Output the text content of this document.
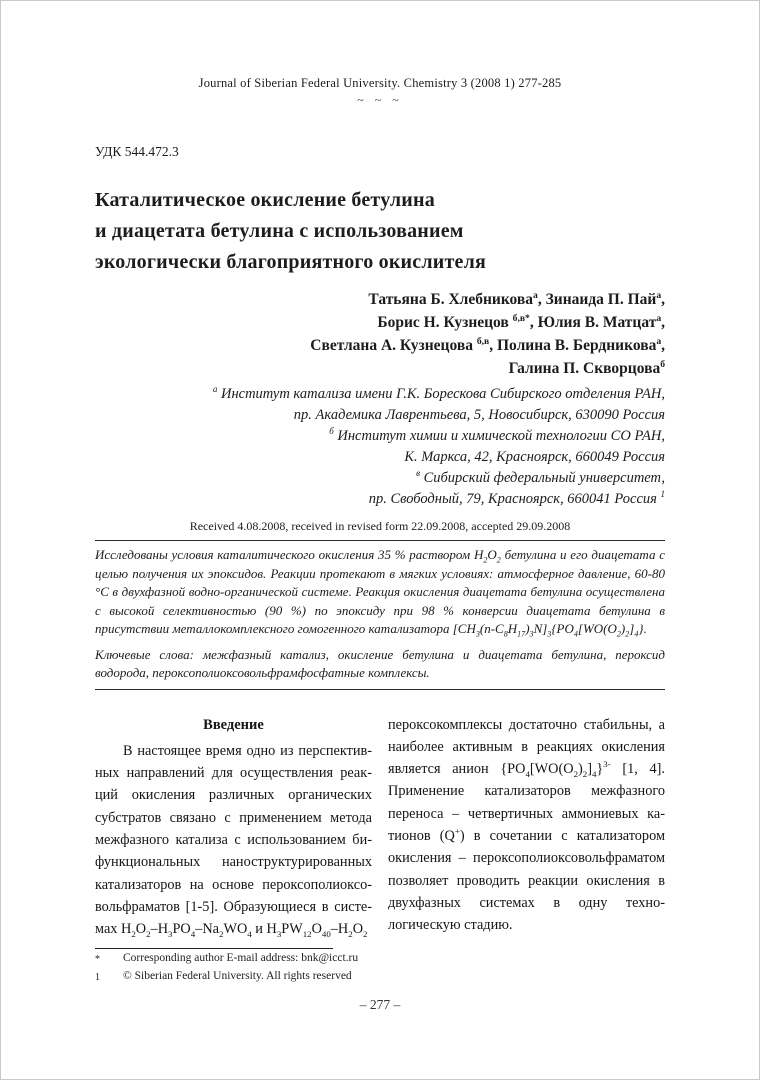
Journal of Siberian Federal University. Chemistry 3 (2008 1) 277-285
~ ~ ~
УДК 544.472.3
Каталитическое окисление бетулина
и диацетата бетулина с использованием
экологически благоприятного окислителя
Татьяна Б. Хлебникова$^а$, Зинаида П. Пай$^а$,
Борис Н. Кузнецов $^{б,в*}$, Юлия В. Матцат$^а$,
Светлана А. Кузнецова $^{б,в}$, Полина В. Бердникова$^а$,
Галина П. Скворцова$^б$
$^а$ Институт катализа имени Г.К. Борескова Сибирского отделения РАН,
пр. Академика Лаврентьева, 5, Новосибирск, 630090 Россия
$^б$ Институт химии и химической технологии СО РАН,
К. Маркса, 42, Красноярск, 660049 Россия
$^в$ Сибирский федеральный университет,
пр. Свободный, 79, Красноярск, 660041 Россия $^1$
Received 4.08.2008, received in revised form 22.09.2008, accepted 29.09.2008

Исследованы условия каталитического окисления 35 % раствором $H_2O_2$ бетулина и его диацетата с целью получения их эпоксидов. Реакции протекают в мягких условиях: атмосферное давление, 60-80 °С в двухфазной водно-органической системе. Реакция окисления диацетата бетулина осуществлена с высокой селективностью (90 %) по эпоксиду при 98 % конверсии диацетата бетулина в присутствии металлокомплексного гомогенного катализатора $[CH_3(n-C_8H_{17})_3N]_3\{PO_4[WO(O_2)_2]_4\}$.

Ключевые слова: межфазный катализ, окисление бетулина и диацетата бетулина, пероксид водорода, пероксополиоксовольфрамфосфатные комплексы.

Введение

В настоящее время одно из перспективных направлений для осуществления реакций окисления различных органических субстратов связано с применением метода межфазного катализа с использованием бифункциональных наноструктурированных катализаторов на основе пероксополиоксовольфраматов [1-5]. Образующиеся в системах $H_2O_2-H_3PO_4-Na_2WO_4$ и $H_3PW_{12}O_{40}-H_2O_2$

пероксокомплексы достаточно стабильны, а наиболее активным в реакциях окисления является анион $\{PO_4[WO(O_2)_2]_4\}^{3-}$ [1, 4]. Применение катализаторов межфазного переноса – четвертичных аммониевых катионов (Q+) в сочетании с катализатором окисления – пероксополиоксовольфраматом позволяет проводить реакции окисления в двухфазных системах в одну технологическую стадию.

*	Corresponding author E-mail address: bnk@icct.ru
1	© Siberian Federal University. All rights reserved
– 277 –
